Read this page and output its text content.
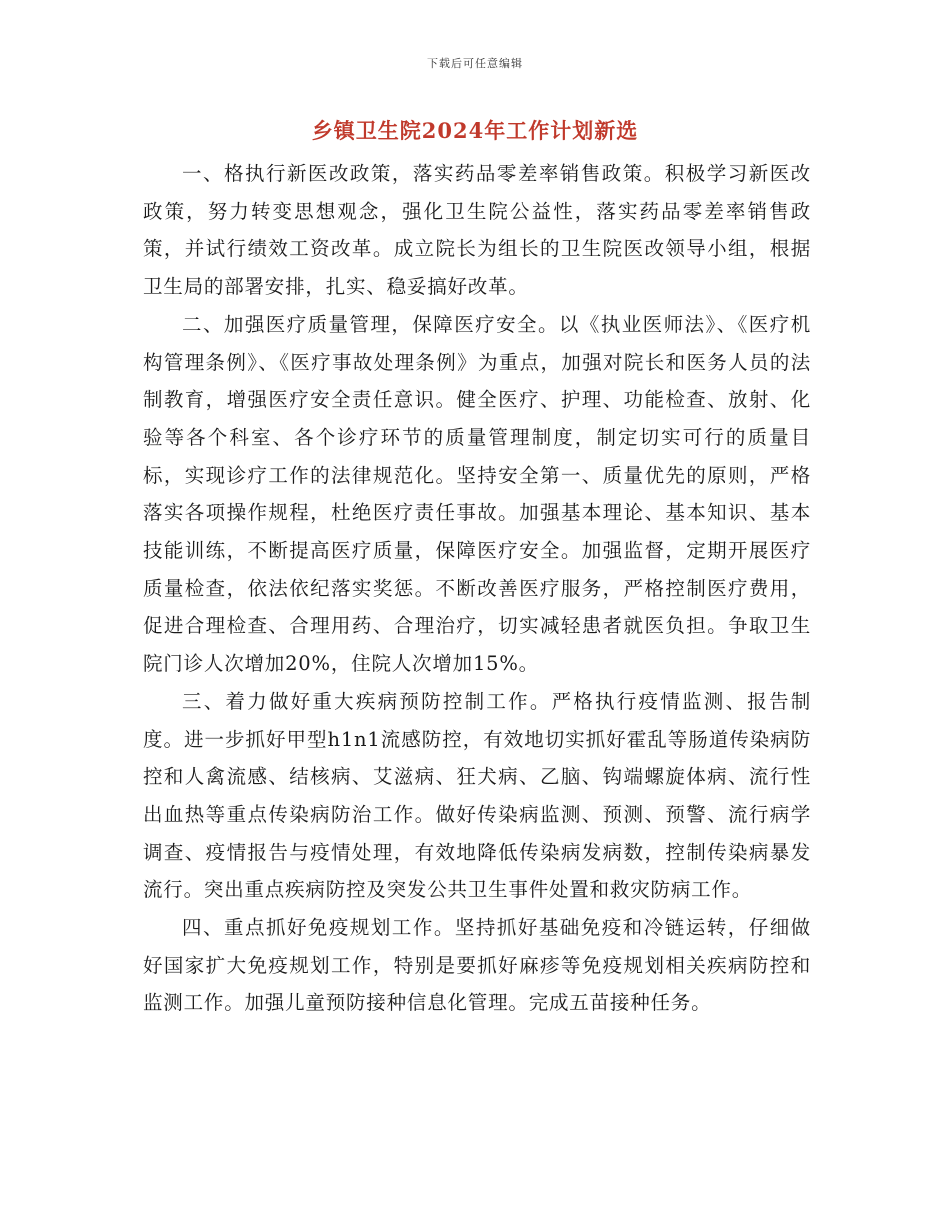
下载后可任意编辑
乡镇卫生院2024年工作计划新选

一、格执行新医改政策，落实药品零差率销售政策。积极学习新医改政策，努力转变思想观念，强化卫生院公益性，落实药品零差率销售政策，并试行绩效工资改革。成立院长为组长的卫生院医改领导小组，根据卫生局的部署安排，扎实、稳妥搞好改革。

二、加强医疗质量管理，保障医疗安全。以《执业医师法》、《医疗机构管理条例》、《医疗事故处理条例》为重点，加强对院长和医务人员的法制教育，增强医疗安全责任意识。健全医疗、护理、功能检查、放射、化验等各个科室、各个诊疗环节的质量管理制度，制定切实可行的质量目标，实现诊疗工作的法律规范化。坚持安全第一、质量优先的原则，严格落实各项操作规程，杜绝医疗责任事故。加强基本理论、基本知识、基本技能训练，不断提高医疗质量，保障医疗安全。加强监督，定期开展医疗质量检查，依法依纪落实奖惩。不断改善医疗服务，严格控制医疗费用，促进合理检查、合理用药、合理治疗，切实减轻患者就医负担。争取卫生院门诊人次增加20%，住院人次增加15%。

三、着力做好重大疾病预防控制工作。严格执行疫情监测、报告制度。进一步抓好甲型h1n1流感防控，有效地切实抓好霍乱等肠道传染病防控和人禽流感、结核病、艾滋病、狂犬病、乙脑、钩端螺旋体病、流行性出血热等重点传染病防治工作。做好传染病监测、预测、预警、流行病学调查、疫情报告与疫情处理，有效地降低传染病发病数，控制传染病暴发流行。突出重点疾病防控及突发公共卫生事件处置和救灾防病工作。

四、重点抓好免疫规划工作。坚持抓好基础免疫和冷链运转，仔细做好国家扩大免疫规划工作，特别是要抓好麻疹等免疫规划相关疾病防控和监测工作。加强儿童预防接种信息化管理。完成五苗接种任务。
